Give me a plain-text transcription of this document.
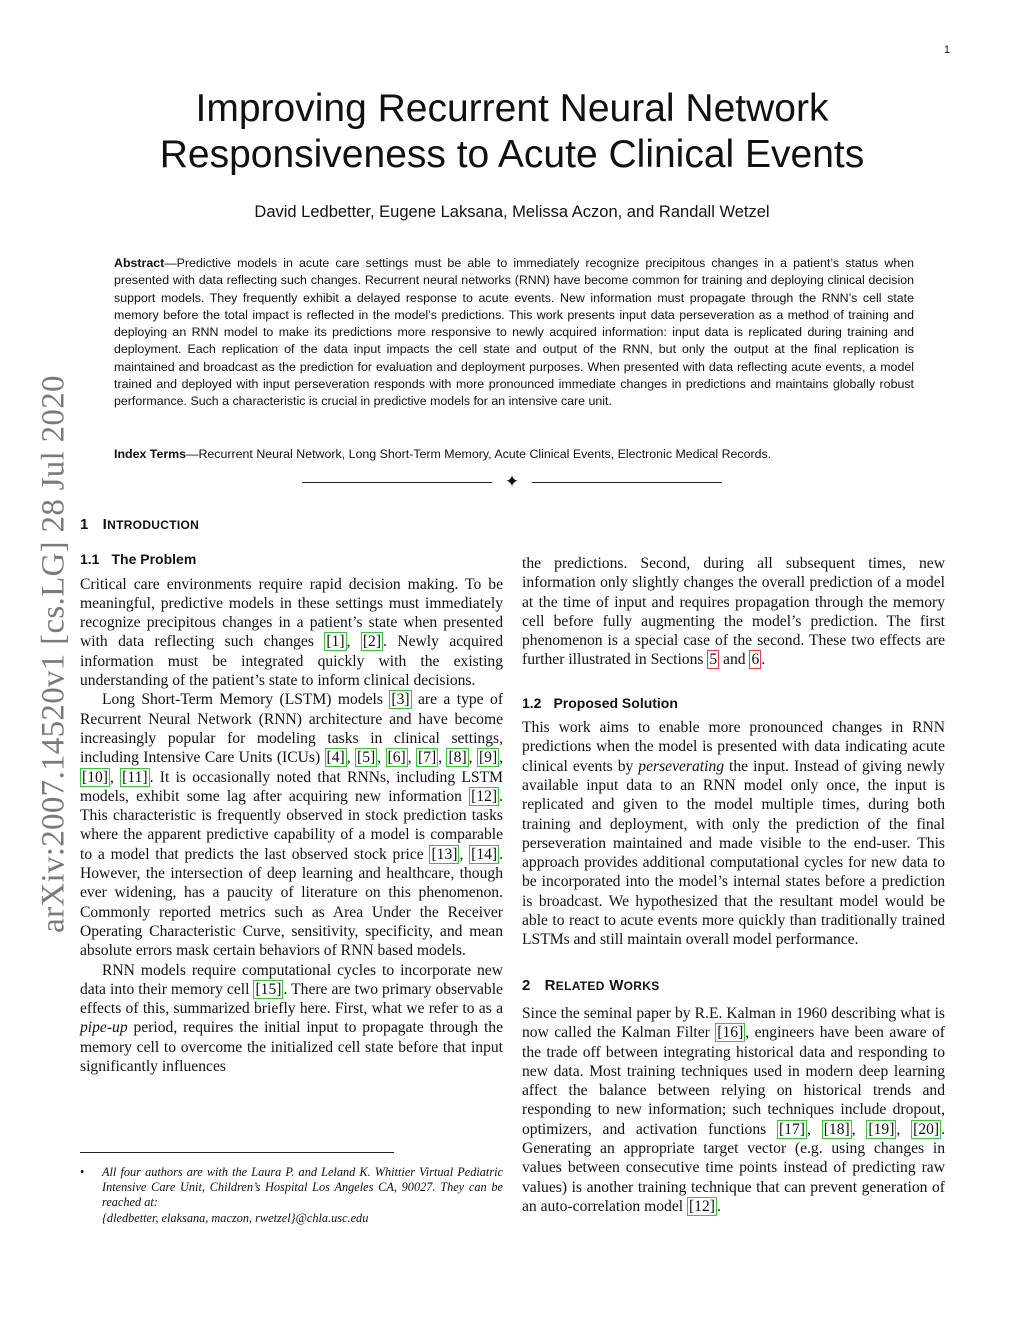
1
arXiv:2007.14520v1 [cs.LG] 28 Jul 2020
Improving Recurrent Neural Network
Responsiveness to Acute Clinical Events
David Ledbetter, Eugene Laksana, Melissa Aczon, and Randall Wetzel
Abstract—Predictive models in acute care settings must be able to immediately recognize precipitous changes in a patient’s status when presented with data reflecting such changes. Recurrent neural networks (RNN) have become common for training and deploying clinical decision support models. They frequently exhibit a delayed response to acute events. New information must propagate through the RNN’s cell state memory before the total impact is reflected in the model’s predictions. This work presents input data perseveration as a method of training and deploying an RNN model to make its predictions more responsive to newly acquired information: input data is replicated during training and deployment. Each replication of the data input impacts the cell state and output of the RNN, but only the output at the final replication is maintained and broadcast as the prediction for evaluation and deployment purposes. When presented with data reflecting acute events, a model trained and deployed with input perseveration responds with more pronounced immediate changes in predictions and maintains globally robust performance. Such a characteristic is crucial in predictive models for an intensive care unit.
Index Terms—Recurrent Neural Network, Long Short-Term Memory, Acute Clinical Events, Electronic Medical Records.
✦
1 INTRODUCTION
1.1 The Problem

Critical care environments require rapid decision making. To be meaningful, predictive models in these settings must immediately recognize precipitous changes in a patient’s state when presented with data reflecting such changes [1] , [2] . Newly acquired information must be integrated quickly with the existing understanding of the patient’s state to inform clinical decisions.

Long Short-Term Memory (LSTM) models [3] are a type of Recurrent Neural Network (RNN) architecture and have become increasingly popular for modeling tasks in clinical settings, including Intensive Care Units (ICUs) [4] , [5] , [6] , [7] , [8] , [9] , [10] , [11] . It is occasionally noted that RNNs, including LSTM models, exhibit some lag after acquiring new information [12] . This characteristic is frequently observed in stock prediction tasks where the apparent predictive capability of a model is comparable to a model that predicts the last observed stock price [13] , [14] . However, the intersection of deep learning and healthcare, though ever widening, has a paucity of literature on this phenomenon. Commonly reported metrics such as Area Under the Receiver Operating Characteristic Curve, sensitivity, specificity, and mean absolute errors mask certain behaviors of RNN based models.

RNN models require computational cycles to incorporate new data into their memory cell [15] . There are two primary observable effects of this, summarized briefly here. First, what we refer to as a pipe-up period, requires the initial input to propagate through the memory cell to overcome the initialized cell state before that input significantly influences

the predictions. Second, during all subsequent times, new information only slightly changes the overall prediction of a model at the time of input and requires propagation through the memory cell before fully augmenting the model’s prediction. The first phenomenon is a special case of the second. These two effects are further illustrated in Sections 5 and 6 .

1.2 Proposed Solution

This work aims to enable more pronounced changes in RNN predictions when the model is presented with data indicating acute clinical events by perseverating the input. Instead of giving newly available input data to an RNN model only once, the input is replicated and given to the model multiple times, during both training and deployment, with only the prediction of the final perseveration maintained and made visible to the end-user. This approach provides additional computational cycles for new data to be incorporated into the model’s internal states before a prediction is broadcast. We hypothesized that the resultant model would be able to react to acute events more quickly than traditionally trained LSTMs and still maintain overall model performance.

2 RELATED WORKS

Since the seminal paper by R.E. Kalman in 1960 describing what is now called the Kalman Filter [16] , engineers have been aware of the trade off between integrating historical data and responding to new data. Most training techniques used in modern deep learning affect the balance between relying on historical trends and responding to new information; such techniques include dropout, optimizers, and activation functions [17] , [18] , [19] , [20] . Generating an appropriate target vector (e.g. using changes in values between consecutive time points instead of predicting raw values) is another training technique that can prevent generation of an auto-correlation model [12] .

• All four authors are with the Laura P. and Leland K. Whittier Virtual Pediatric Intensive Care Unit, Children’s Hospital Los Angeles CA, 90027. They can be reached at:
{dledbetter, elaksana, maczon, rwetzel}@chla.usc.edu
